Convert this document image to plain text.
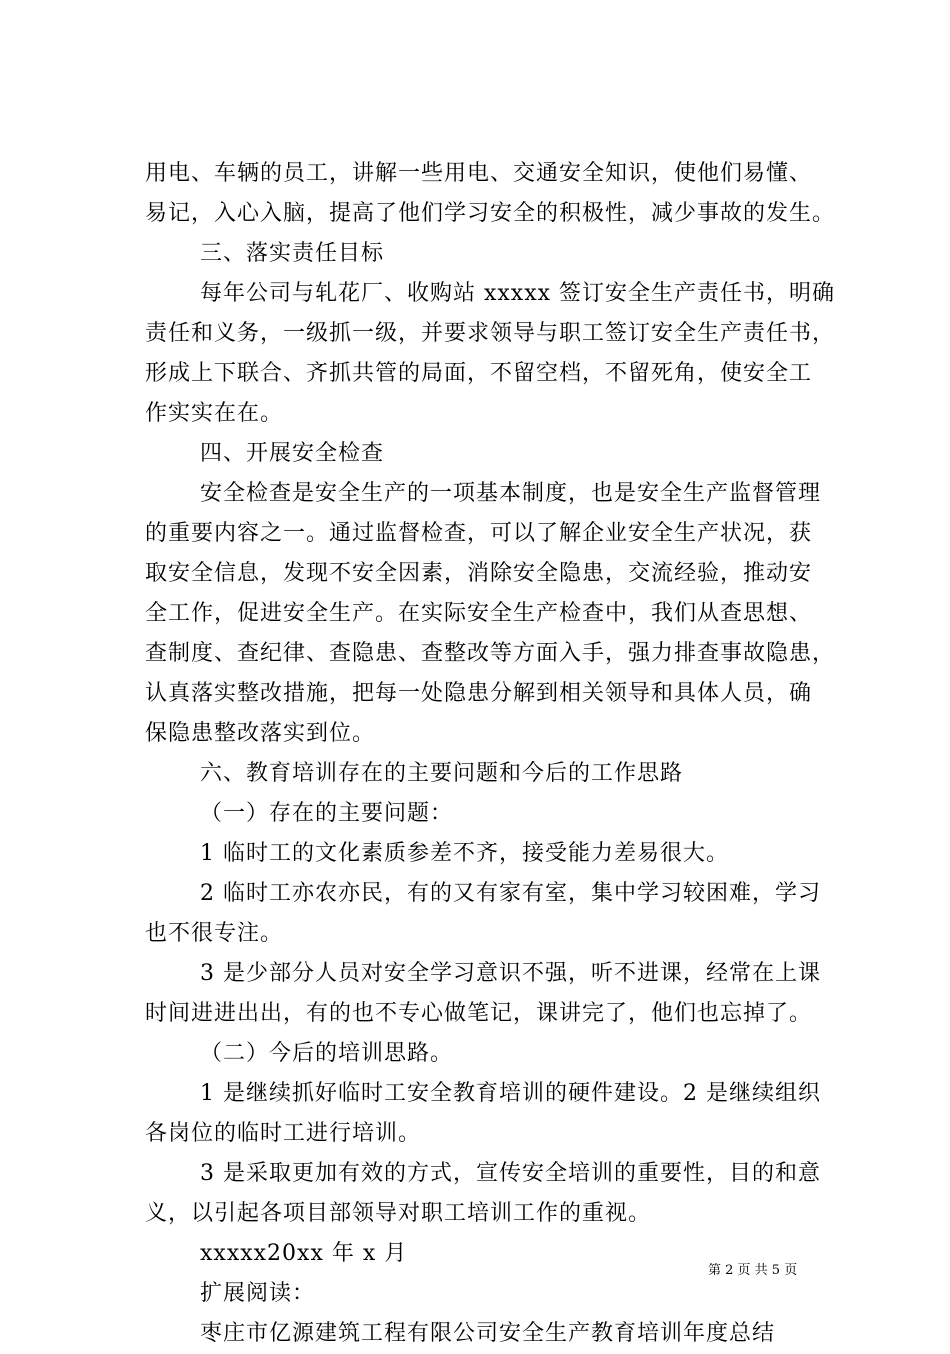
用电、车辆的员工，讲解一些用电、交通安全知识，使他们易懂、
易记，入心入脑，提高了他们学习安全的积极性，减少事故的发生。

三、落实责任目标

每年公司与轧花厂、收购站 xxxxx 签订安全生产责任书，明确
责任和义务，一级抓一级，并要求领导与职工签订安全生产责任书，
形成上下联合、齐抓共管的局面，不留空档，不留死角，使安全工
作实实在在。

四、开展安全检查

安全检查是安全生产的一项基本制度，也是安全生产监督管理
的重要内容之一。通过监督检查，可以了解企业安全生产状况，获
取安全信息，发现不安全因素，消除安全隐患，交流经验，推动安
全工作，促进安全生产。在实际安全生产检查中，我们从查思想、
查制度、查纪律、查隐患、查整改等方面入手，强力排查事故隐患，
认真落实整改措施，把每一处隐患分解到相关领导和具体人员，确
保隐患整改落实到位。

六、教育培训存在的主要问题和今后的工作思路

（一）存在的主要问题：

1 临时工的文化素质参差不齐，接受能力差易很大。

2 临时工亦农亦民，有的又有家有室，集中学习较困难，学习
也不很专注。

3 是少部分人员对安全学习意识不强，听不进课，经常在上课
时间进进出出，有的也不专心做笔记，课讲完了，他们也忘掉了。

（二）今后的培训思路。

1 是继续抓好临时工安全教育培训的硬件建设。2 是继续组织
各岗位的临时工进行培训。

3 是采取更加有效的方式，宣传安全培训的重要性，目的和意
义，以引起各项目部领导对职工培训工作的重视。

xxxxx20xx 年 x 月

扩展阅读：

枣庄市亿源建筑工程有限公司安全生产教育培训年度总结

第 2 页 共 5 页
